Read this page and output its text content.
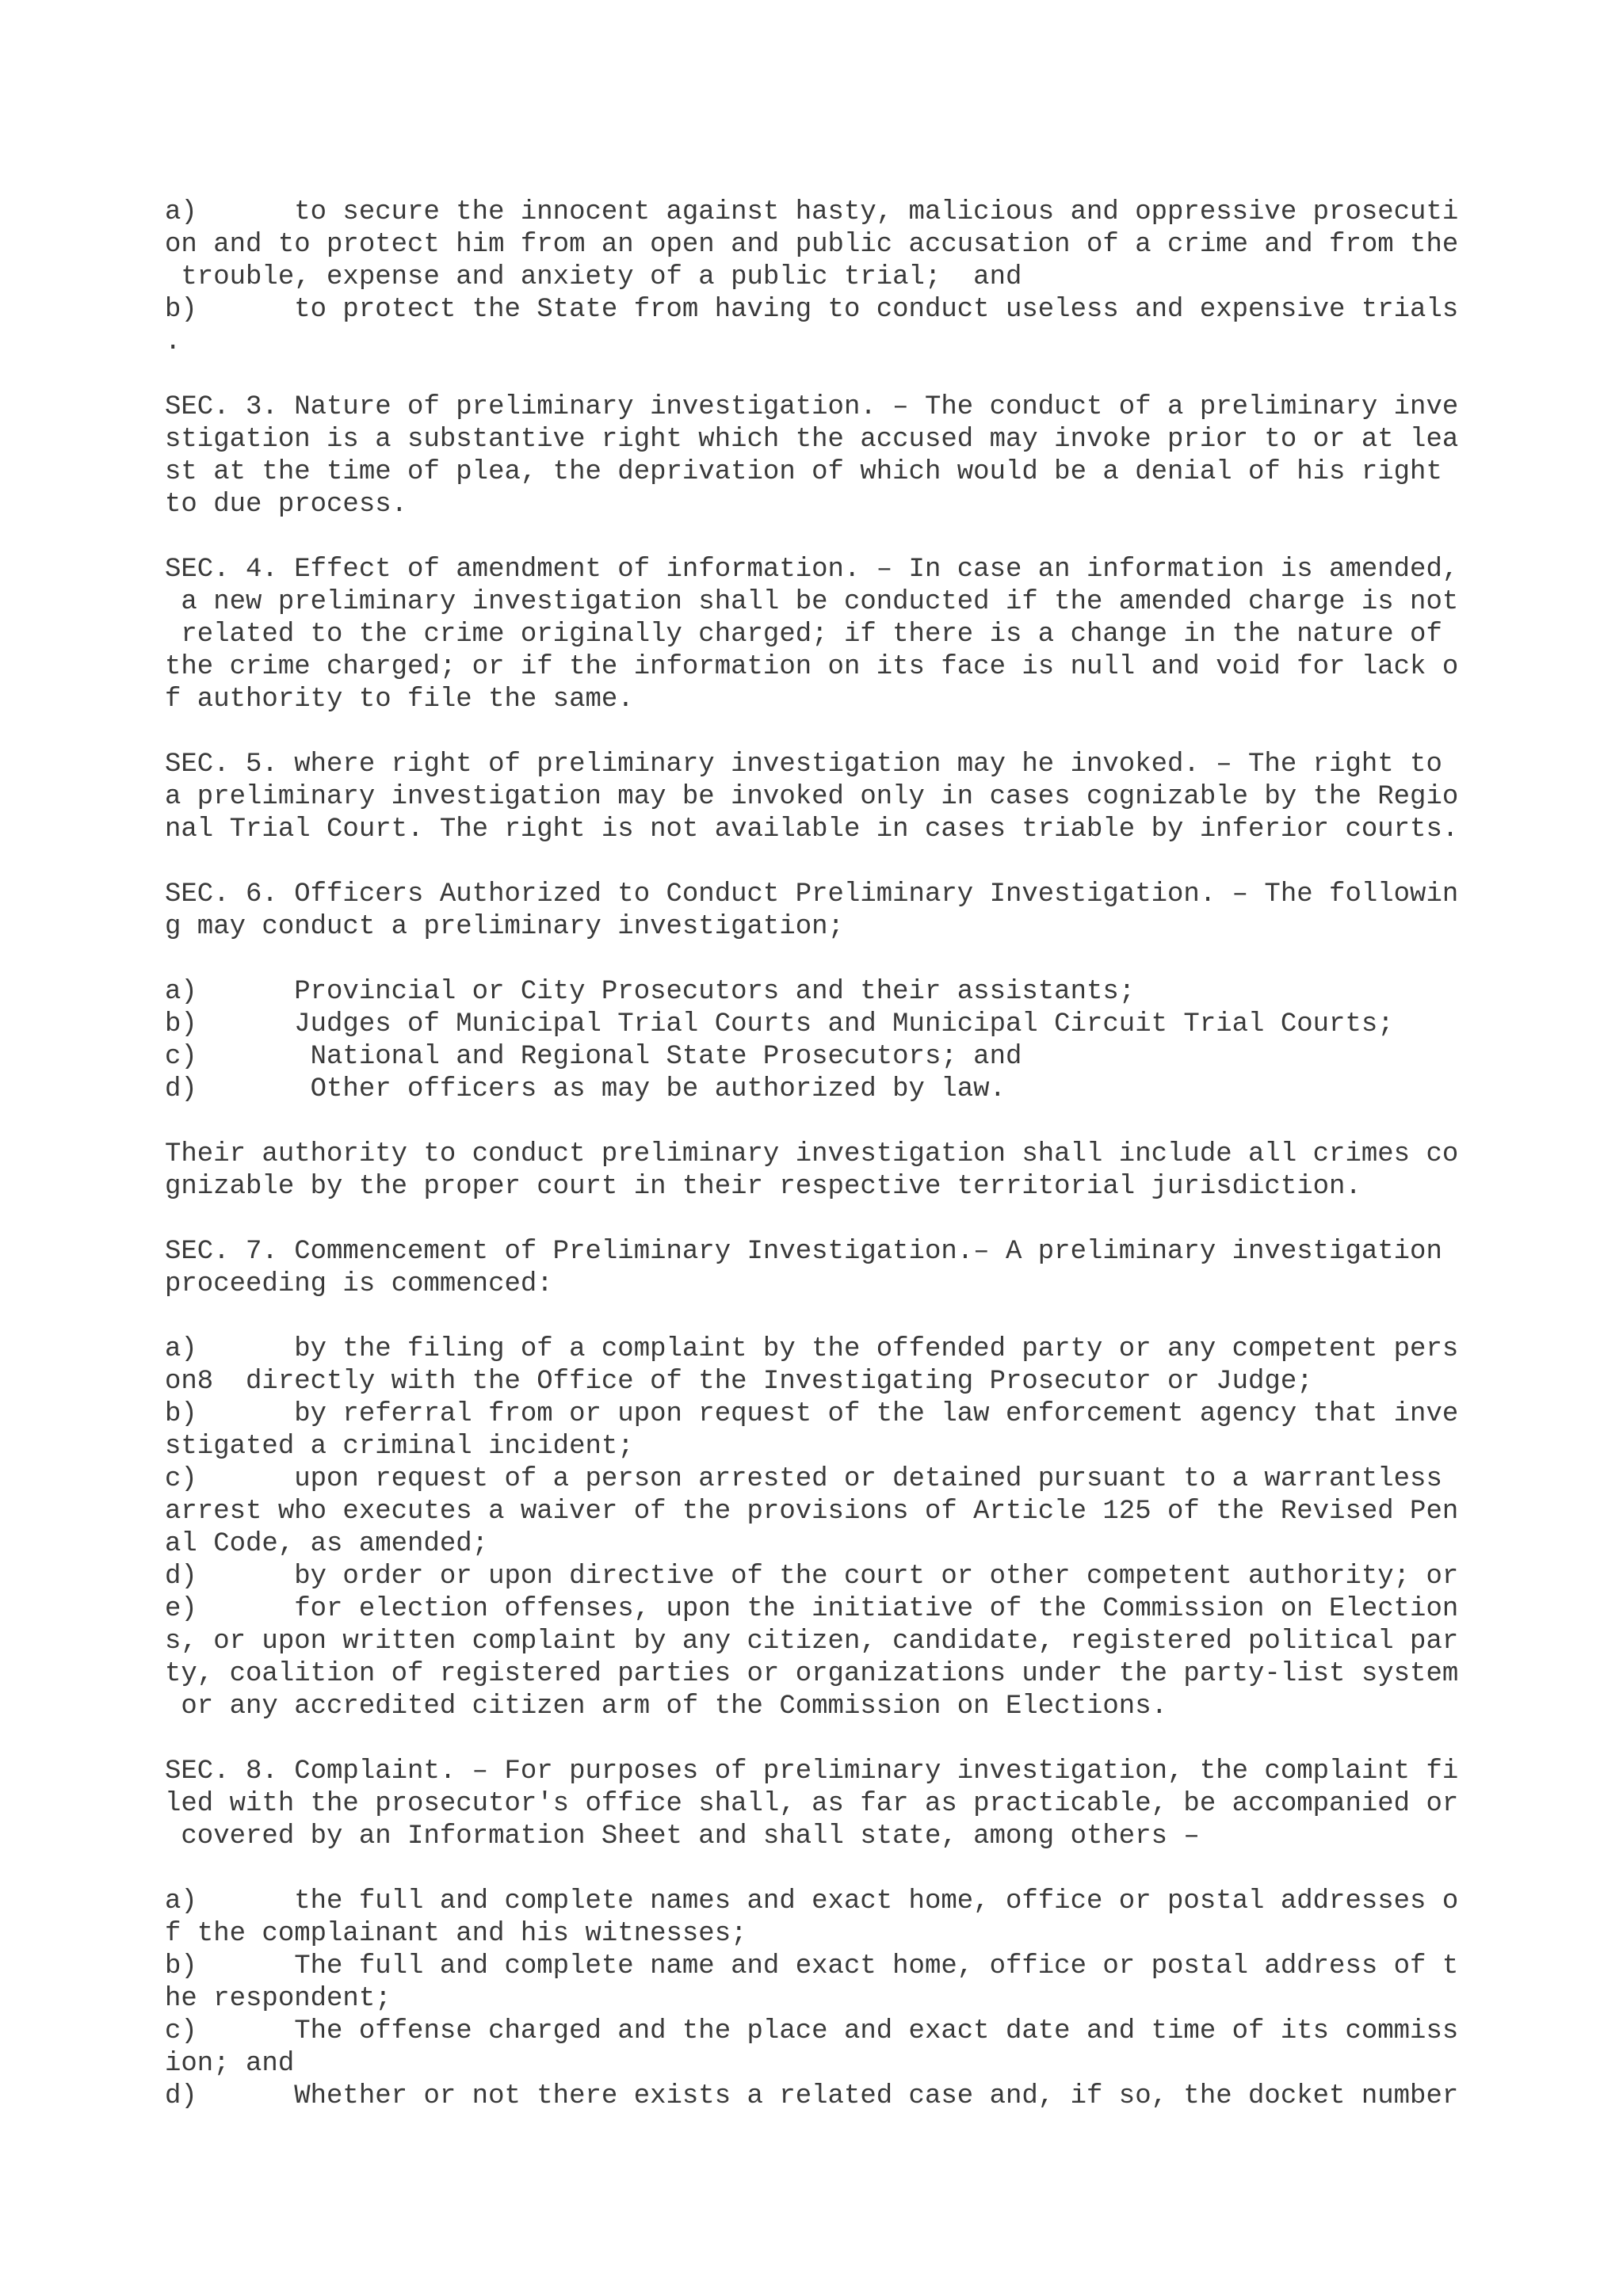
a)      to secure the innocent against hasty, malicious and oppressive prosecuti
on and to protect him from an open and public accusation of a crime and from the
trouble, expense and anxiety of a public trial;  and
b)      to protect the State from having to conduct useless and expensive trials
.
SEC. 3. Nature of preliminary investigation. – The conduct of a preliminary inve
stigation is a substantive right which the accused may invoke prior to or at lea
st at the time of plea, the deprivation of which would be a denial of his right
to due process.
SEC. 4. Effect of amendment of information. – In case an information is amended,
a new preliminary investigation shall be conducted if the amended charge is not
related to the crime originally charged; if there is a change in the nature of
the crime charged; or if the information on its face is null and void for lack o
f authority to file the same.
SEC. 5. where right of preliminary investigation may he invoked. – The right to
a preliminary investigation may be invoked only in cases cognizable by the Regio
nal Trial Court. The right is not available in cases triable by inferior courts.
SEC. 6. Officers Authorized to Conduct Preliminary Investigation. – The followin
g may conduct a preliminary investigation;
a)      Provincial or City Prosecutors and their assistants;
b)      Judges of Municipal Trial Courts and Municipal Circuit Trial Courts;
c)       National and Regional State Prosecutors; and
d)       Other officers as may be authorized by law.
Their authority to conduct preliminary investigation shall include all crimes co
gnizable by the proper court in their respective territorial jurisdiction.
SEC. 7. Commencement of Preliminary Investigation.– A preliminary investigation
proceeding is commenced:
a)      by the filing of a complaint by the offended party or any competent pers
on8  directly with the Office of the Investigating Prosecutor or Judge;
b)      by referral from or upon request of the law enforcement agency that inve
stigated a criminal incident;
c)      upon request of a person arrested or detained pursuant to a warrantless
arrest who executes a waiver of the provisions of Article 125 of the Revised Pen
al Code, as amended;
d)      by order or upon directive of the court or other competent authority; or
e)      for election offenses, upon the initiative of the Commission on Election
s, or upon written complaint by any citizen, candidate, registered political par
ty, coalition of registered parties or organizations under the party-list system
or any accredited citizen arm of the Commission on Elections.
SEC. 8. Complaint. – For purposes of preliminary investigation, the complaint fi
led with the prosecutor's office shall, as far as practicable, be accompanied or
covered by an Information Sheet and shall state, among others –
a)      the full and complete names and exact home, office or postal addresses o
f the complainant and his witnesses;
b)      The full and complete name and exact home, office or postal address of t
he respondent;
c)      The offense charged and the place and exact date and time of its commiss
ion; and
d)      Whether or not there exists a related case and, if so, the docket number
